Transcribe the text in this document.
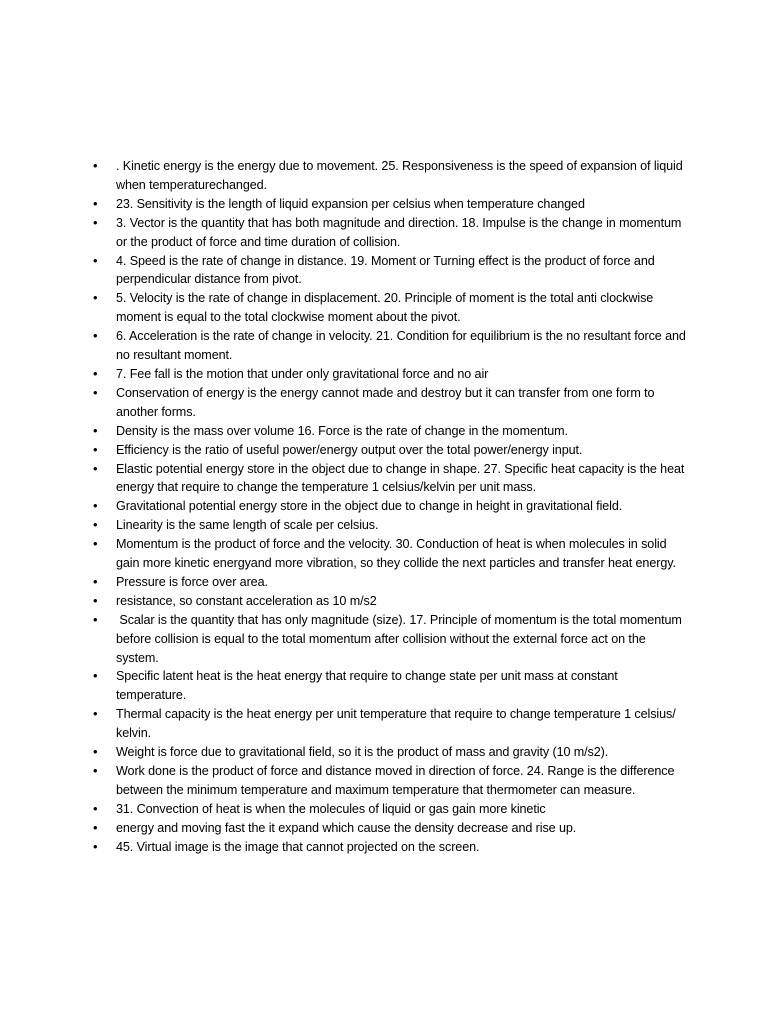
• . Kinetic energy is the energy due to movement. 25. Responsiveness is the speed of expansion of liquid when temperaturechanged.
• 23. Sensitivity is the length of liquid expansion per celsius when temperature changed
• 3. Vector is the quantity that has both magnitude and direction. 18. Impulse is the change in momentum or the product of force and time duration of collision.
• 4. Speed is the rate of change in distance. 19. Moment or Turning effect is the product of force and perpendicular distance from pivot.
• 5. Velocity is the rate of change in displacement. 20. Principle of moment is the total anti clockwise moment is equal to the total clockwise moment about the pivot.
• 6. Acceleration is the rate of change in velocity. 21. Condition for equilibrium is the no resultant force and no resultant moment.
• 7. Fee fall is the motion that under only gravitational force and no air
• Conservation of energy is the energy cannot made and destroy but it can transfer from one form to another forms.
• Density is the mass over volume 16. Force is the rate of change in the momentum.
• Efficiency is the ratio of useful power/energy output over the total power/energy input.
• Elastic potential energy store in the object due to change in shape. 27. Specific heat capacity is the heat energy that require to change the temperature 1 celsius/kelvin per unit mass.
• Gravitational potential energy store in the object due to change in height in gravitational field.
• Linearity is the same length of scale per celsius.
• Momentum is the product of force and the velocity. 30. Conduction of heat is when molecules in solid gain more kinetic energyand more vibration, so they collide the next particles and transfer heat energy.
• Pressure is force over area.
• resistance, so constant acceleration as 10 m/s2
• Scalar is the quantity that has only magnitude (size). 17. Principle of momentum is the total momentum before collision is equal to the total momentum after collision without the external force act on the system.
• Specific latent heat is the heat energy that require to change state per unit mass at constant temperature.
• Thermal capacity is the heat energy per unit temperature that require to change temperature 1 celsius/ kelvin.
• Weight is force due to gravitational field, so it is the product of mass and gravity (10 m/s2).
• Work done is the product of force and distance moved in direction of force. 24. Range is the difference between the minimum temperature and maximum temperature that thermometer can measure.
• 31. Convection of heat is when the molecules of liquid or gas gain more kinetic
• energy and moving fast the it expand which cause the density decrease and rise up.
• 45. Virtual image is the image that cannot projected on the screen.
